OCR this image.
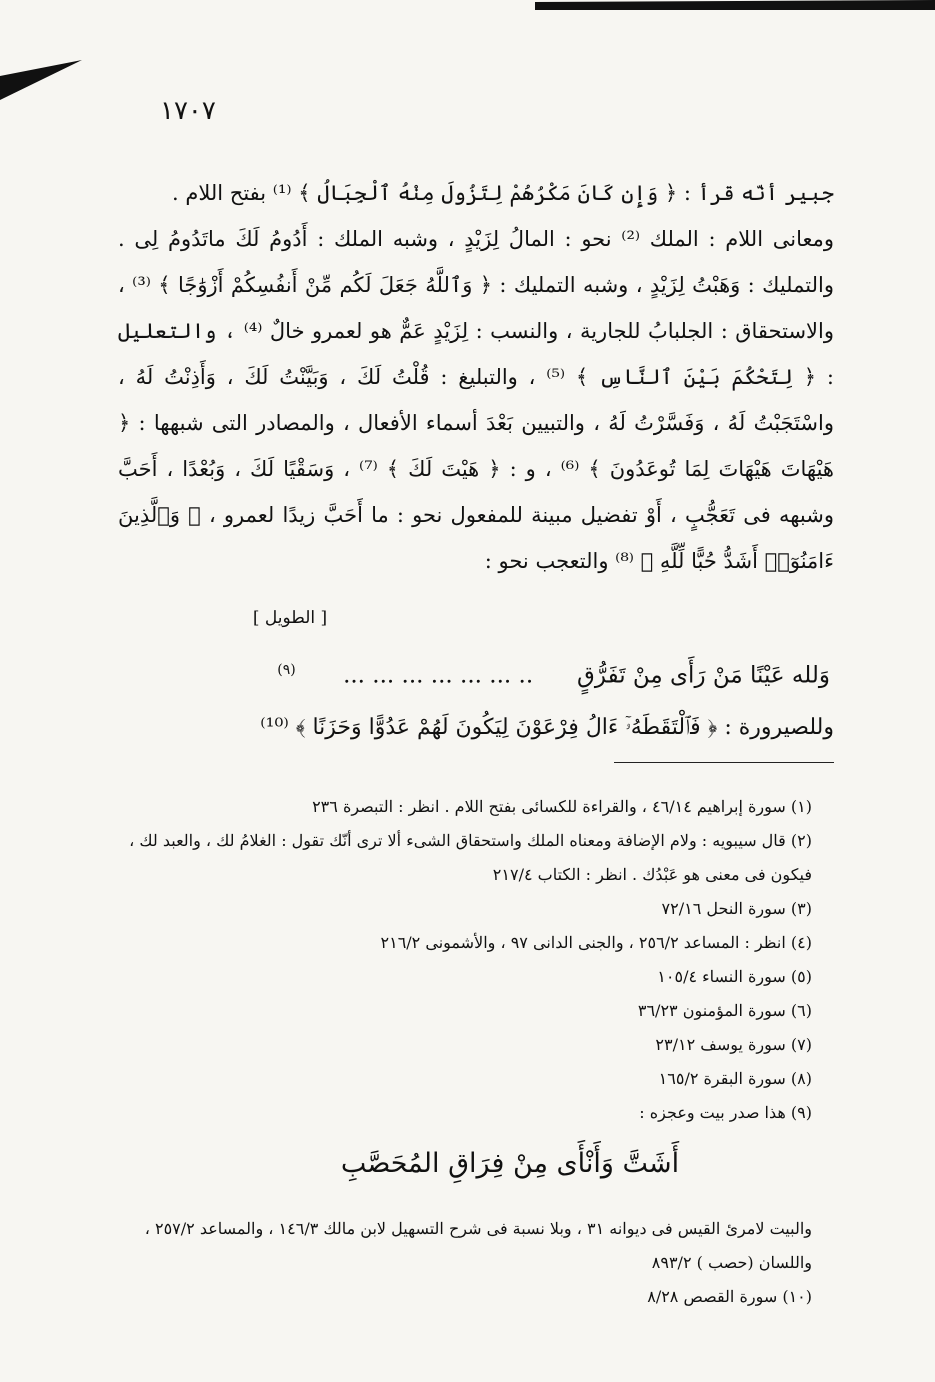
١٧٠٧

جبير أنّه قرأ : ﴿ وَإِن كَانَ مَكْرُهُمْ لِتَزُولَ مِنْهُ ٱلْجِبَالُ ﴾ ⁽¹⁾ بفتح اللام .

ومعانى اللام : الملك ⁽²⁾ نحو : المالُ لِزَيْدٍ ، وشبه الملك : أَدُومُ لَكَ ماتَدُومُ لِى . والتمليك : وَهَبْتُ لِزَيْدٍ ، وشبه التمليك : ﴿ وَٱللَّهُ جَعَلَ لَكُم مِّنْ أَنفُسِكُمْ أَزْوَٰجًا ﴾ ⁽³⁾ ، والاستحقاق : الجلبابُ للجارية ، والنسب : لِزَيْدٍ عَمٌّ هو لعمرو خالٌ ⁽⁴⁾ ، والتعليل : ﴿ لِتَحْكُمَ بَيْنَ ٱلنَّاسِ ﴾ ⁽⁵⁾ ، والتبليغ : قُلْتُ لَكَ ، وَبَيَّنْتُ لَكَ ، وَأَذِنْتُ لَهُ ، واسْتَجَبْتُ لَهُ ، وَفَسَّرْتُ لَهُ ، والتبيين بَعْدَ أسماء الأفعال ، والمصادر التى شبهها : ﴿ هَيْهَاتَ هَيْهَاتَ لِمَا تُوعَدُونَ ﴾ ⁽⁶⁾ ، و : ﴿ هَيْتَ لَكَ ﴾ ⁽⁷⁾ ، وَسَقْيًا لَكَ ، وَبُعْدًا ، أَحَبَّ وشبهه فى تَعَجُّبٍ ، أَوْ تفضيل مبينة للمفعول نحو : ما أَحَبَّ زيدًا لعمرو ، ﴿ وَٱلَّذِينَ ءَامَنُوٓا۟ أَشَدُّ حُبًّا لِّلَّهِ ﴾ ⁽⁸⁾ والتعجب نحو :

[ الطويل ]
وَلله عَيْنًا مَنْ رَأَى مِنْ تَفَرُّقٍ      .. ... ... ... ... ... ... $^{(٩)}$
وللصيرورة : ﴿ فَٱلْتَقَطَهُۥٓ ءَالُ فِرْعَوْنَ لِيَكُونَ لَهُمْ عَدُوًّا وَحَزَنًا ﴾ ⁽¹⁰⁾

(١) سورة إبراهيم ٤٦/١٤ ، والقراءة للكسائى بفتح اللام . انظر : التبصرة ٢٣٦

(٢) قال سيبويه : ولام الإضافة ومعناه الملك واستحقاق الشىء ألا ترى أنّك تقول : الغلامُ لك ، والعبد لك ، فيكون فى معنى هو عَبْدُك . انظر : الكتاب ٢١٧/٤

(٣) سورة النحل ٧٢/١٦

(٤) انظر : المساعد ٢٥٦/٢ ، والجنى الدانى ٩٧ ، والأشمونى ٢١٦/٢

(٥) سورة النساء ١٠٥/٤

(٦) سورة المؤمنون ٣٦/٢٣

(٧) سورة يوسف ٢٣/١٢

(٨) سورة البقرة ١٦٥/٢

(٩) هذا صدر بيت وعجزه :

أَشَتَّ وَأَنْأَى مِنْ فِرَاقِ المُحَصَّبِ

والبيت لامرئ القيس فى ديوانه ٣١ ، وبلا نسبة فى شرح التسهيل لابن مالك ١٤٦/٣ ، والمساعد ٢٥٧/٢ ، واللسان (حصب ) ٨٩٣/٢

(١٠) سورة القصص ٨/٢٨
